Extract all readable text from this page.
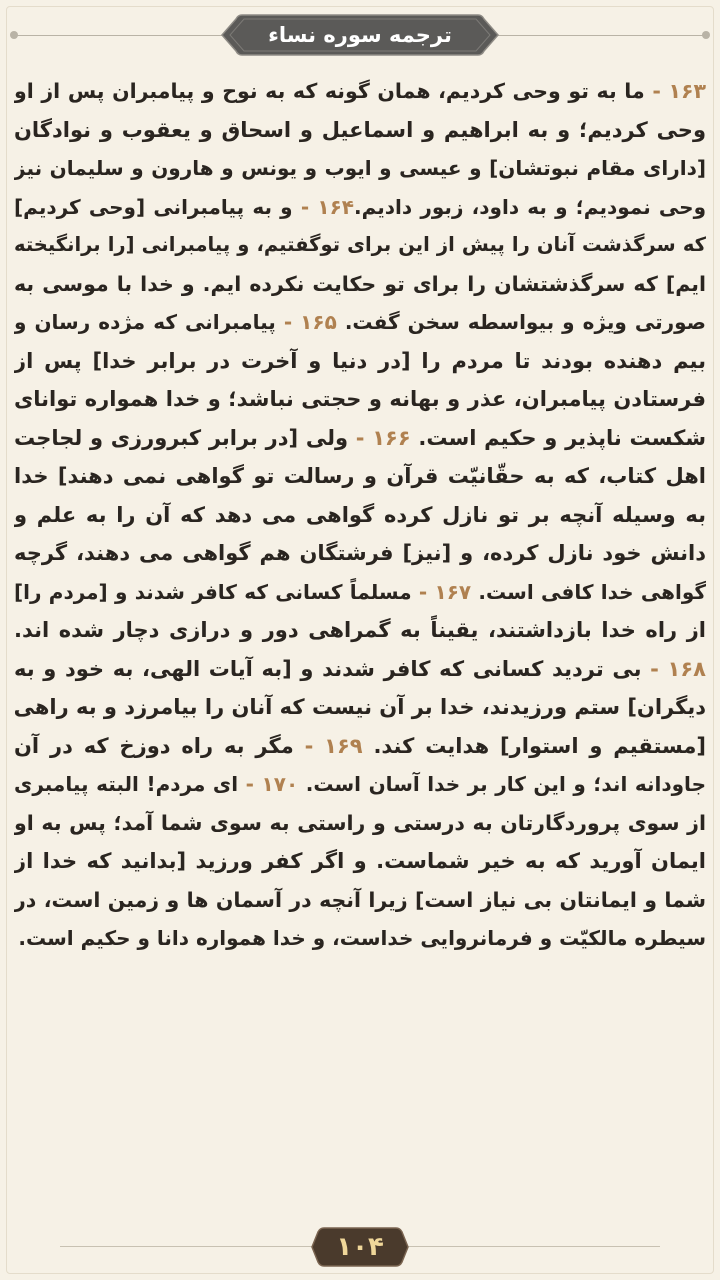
ترجمه سوره نساء
۱۶۳ - ما به تو وحی کردیم، همان گونه که به نوح و پیامبران پس از او
وحی کردیم؛ و به ابراهیم و اسماعیل و اسحاق و یعقوب و نوادگان
[دارای مقام نبوتشان] و عیسی و ایوب و یونس و هارون و سلیمان نیز
وحی نمودیم؛ و به داود، زبور دادیم.۱۶۴ - و به پیامبرانی [وحی کردیم]
که سرگذشت آنان را پیش از این برای توگفتیم، و پیامبرانی [را برانگیخته
ایم] که سرگذشتشان را برای تو حکایت نکرده ایم. و خدا با موسی به
صورتی ویژه و بیواسطه سخن گفت. ۱۶۵ - پیامبرانی که مژده رسان و
بیم دهنده بودند تا مردم را [در دنیا و آخرت در برابر خدا] پس از
فرستادن پیامبران، عذر و بهانه و حجتی نباشد؛ و خدا همواره توانای
شکست ناپذیر و حکیم است. ۱۶۶ - ولی [در برابر کبرورزی و لجاجت
اهل کتاب، که به حقّانیّت قرآن و رسالت تو گواهی نمی دهند] خدا
به وسیله آنچه بر تو نازل کرده گواهی می دهد که آن را به علم و
دانش خود نازل کرده، و [نیز] فرشتگان هم گواهی می دهند، گرچه
گواهی خدا کافی است. ۱۶۷ - مسلماً کسانی که کافر شدند و [مردم را]
از راه خدا بازداشتند، یقیناً به گمراهی دور و درازی دچار شده اند.
۱۶۸ - بی تردید کسانی که کافر شدند و [به آیات الهی، به خود و به
دیگران] ستم ورزیدند، خدا بر آن نیست که آنان را بیامرزد و به راهی
[مستقیم و استوار] هدایت کند. ۱۶۹ - مگر به راه دوزخ که در آن
جاودانه اند؛ و این کار بر خدا آسان است. ۱۷۰ - ای مردم! البته پیامبری
از سوی پروردگارتان به درستی و راستی به سوی شما آمد؛ پس به او
ایمان آورید که به خیر شماست. و اگر کفر ورزید [بدانید که خدا از
شما و ایمانتان بی نیاز است] زیرا آنچه در آسمان ها و زمین است، در
سیطره مالکیّت و فرمانروایی خداست، و خدا همواره دانا و حکیم است.
۱۰۴
